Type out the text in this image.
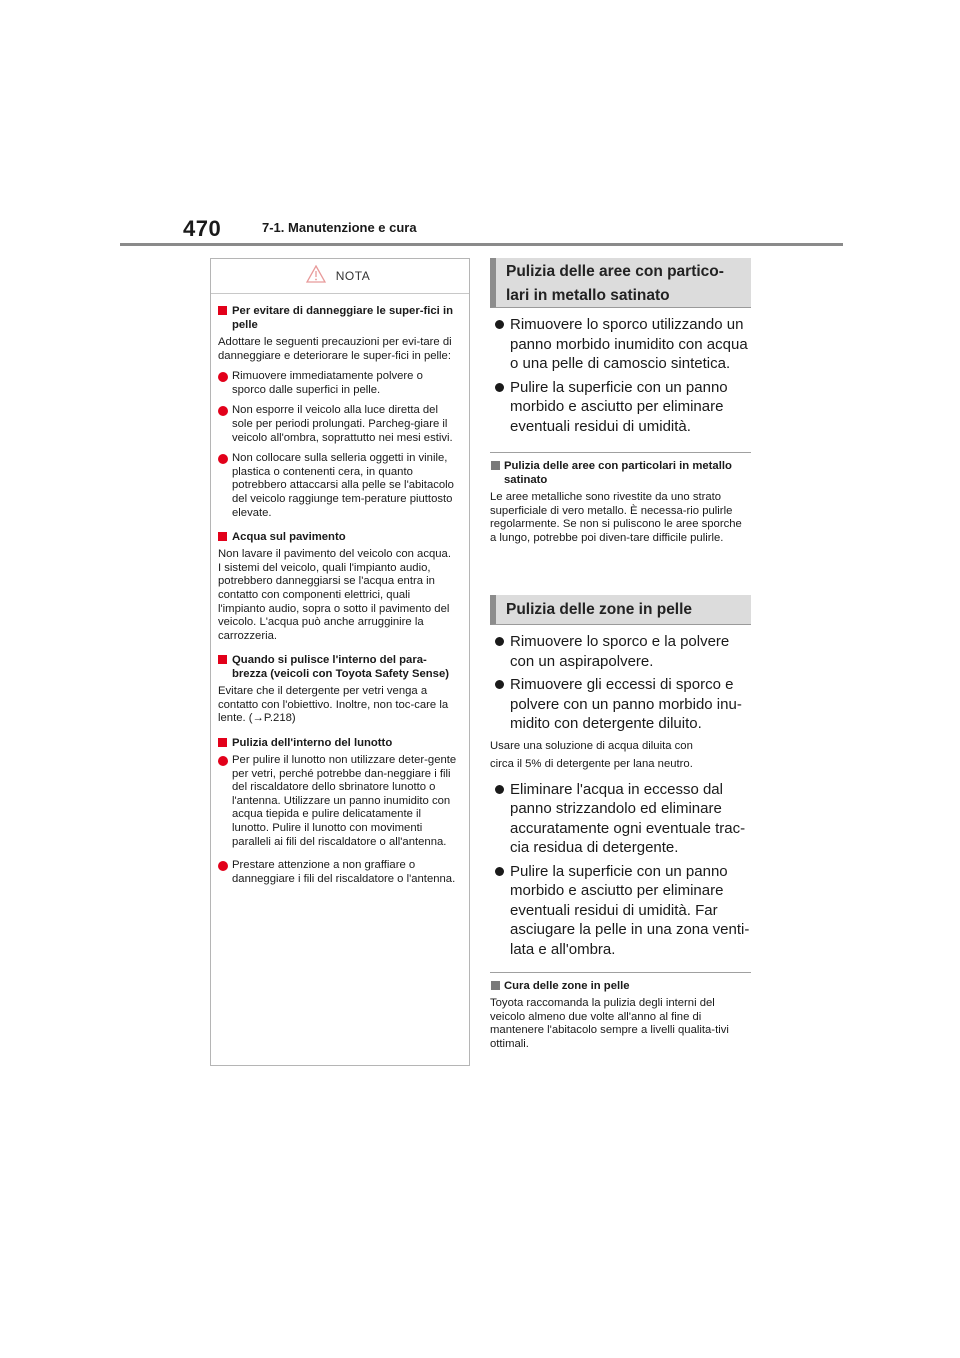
470	7-1. Manutenzione e cura
NOTA
Per evitare di danneggiare le super-fici in pelle
Adottare le seguenti precauzioni per evi-tare di danneggiare e deteriorare le super-fici in pelle:
Rimuovere immediatamente polvere o sporco dalle superfici in pelle.
Non esporre il veicolo alla luce diretta del sole per periodi prolungati. Parcheg-giare il veicolo all'ombra, soprattutto nei mesi estivi.
Non collocare sulla selleria oggetti in vinile, plastica o contenenti cera, in quanto potrebbero attaccarsi alla pelle se l'abitacolo del veicolo raggiunge tem-perature piuttosto elevate.
Acqua sul pavimento
Non lavare il pavimento del veicolo con acqua.
I sistemi del veicolo, quali l'impianto audio, potrebbero danneggiarsi se l'acqua entra in contatto con componenti elettrici, quali l'impianto audio, sopra o sotto il pavimento del veicolo. L'acqua può anche arrugginire la carrozzeria.
Quando si pulisce l'interno del para-brezza (veicoli con Toyota Safety Sense)
Evitare che il detergente per vetri venga a contatto con l'obiettivo. Inoltre, non toc-care la lente. (→P.218)
Pulizia dell'interno del lunotto
Per pulire il lunotto non utilizzare deter-gente per vetri, perché potrebbe dan-neggiare i fili del riscaldatore dello sbrinatore lunotto o l'antenna. Utilizzare un panno inumidito con acqua tiepida e pulire delicatamente il lunotto. Pulire il lunotto con movimenti paralleli ai fili del riscaldatore o all'antenna.
Prestare attenzione a non graffiare o danneggiare i fili del riscaldatore o l'antenna.
Pulizia delle aree con partico-lari in metallo satinato
Rimuovere lo sporco utilizzando un panno morbido inumidito con acqua o una pelle di camoscio sintetica.
Pulire la superficie con un panno morbido e asciutto per eliminare eventuali residui di umidità.
Pulizia delle aree con particolari in metallo satinato
Le aree metalliche sono rivestite da uno strato superficiale di vero metallo. È necessa-rio pulirle regolarmente. Se non si puliscono le aree sporche a lungo, potrebbe poi diven-tare difficile pulirle.
Pulizia delle zone in pelle
Rimuovere lo sporco e la polvere con un aspirapolvere.
Rimuovere gli eccessi di sporco e polvere con un panno morbido inu-midito con detergente diluito.
Usare una soluzione di acqua diluita con
circa il 5% di detergente per lana neutro.
Eliminare l'acqua in eccesso dal panno strizzandolo ed eliminare accuratamente ogni eventuale trac-cia residua di detergente.
Pulire la superficie con un panno morbido e asciutto per eliminare eventuali residui di umidità. Far asciugare la pelle in una zona venti-lata e all'ombra.
Cura delle zone in pelle
Toyota raccomanda la pulizia degli interni del veicolo almeno due volte all'anno al fine di mantenere l'abitacolo sempre a livelli qualita-tivi ottimali.
